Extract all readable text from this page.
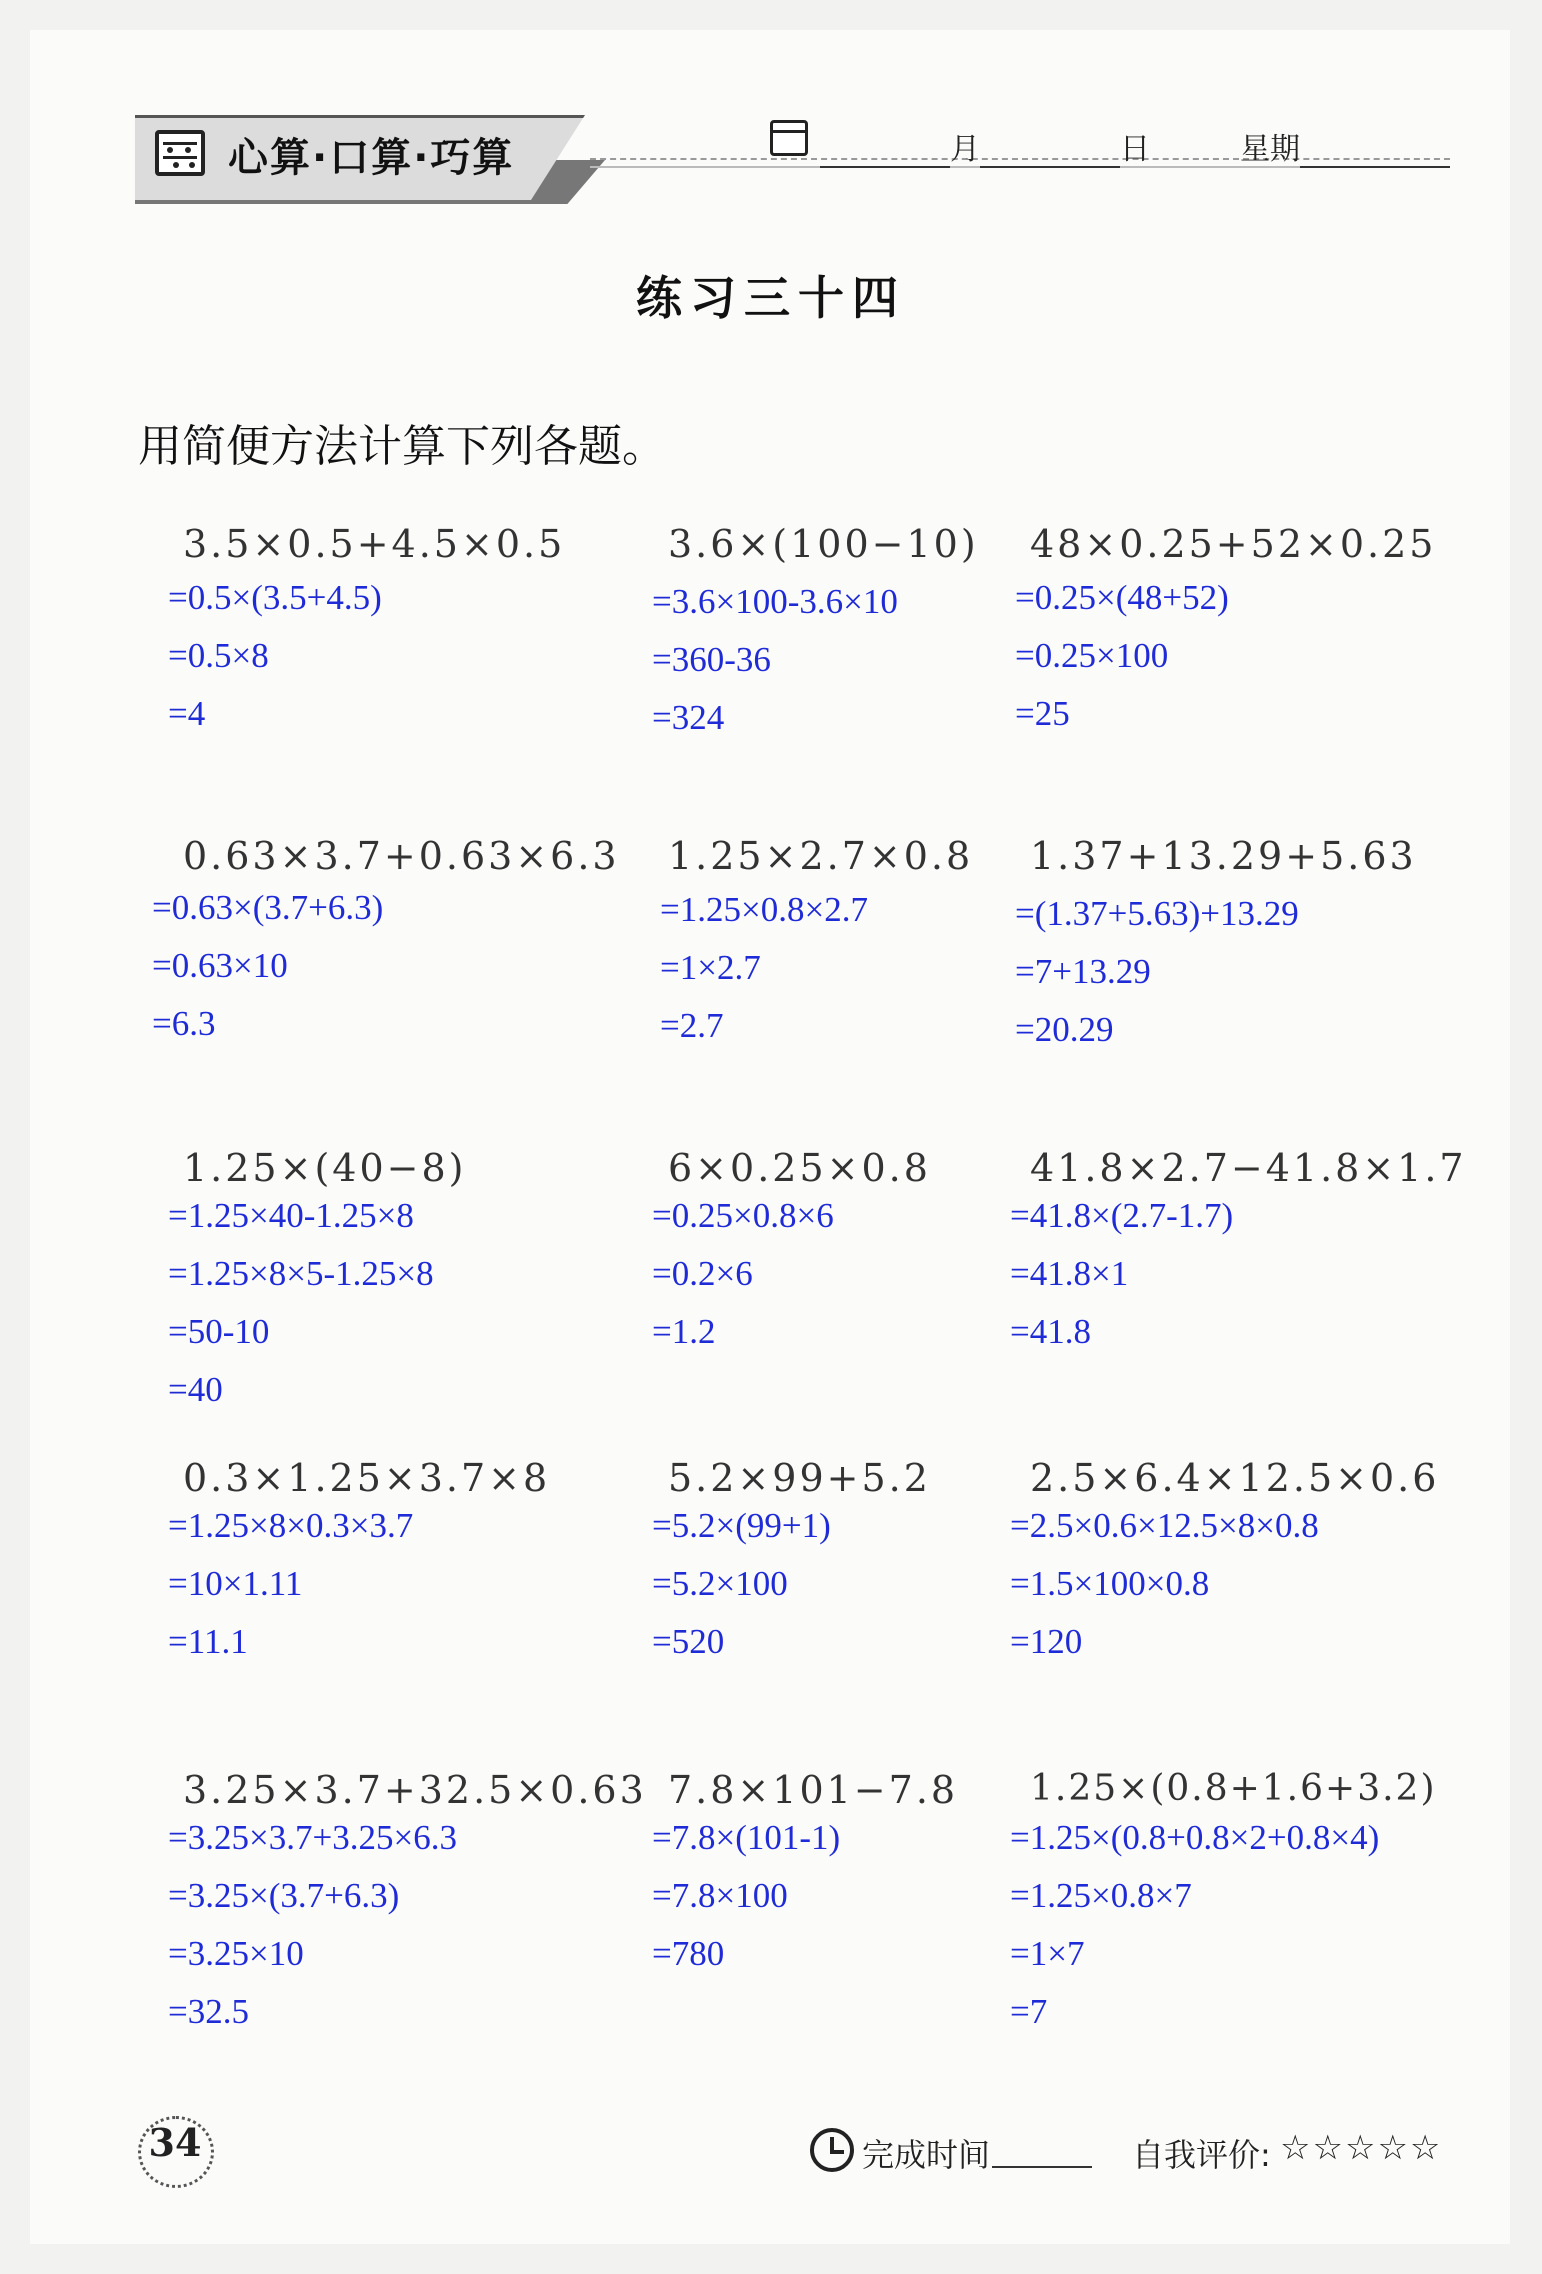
心算·口算·巧算	月	日	星期
练习三十四
用简便方法计算下列各题。
3.5×0.5+4.5×0.5
=0.5×(3.5+4.5)
=0.5×8
=4
3.6×(100−10)
=3.6×100-3.6×10
=360-36
=324
48×0.25+52×0.25
=0.25×(48+52)
=0.25×100
=25
0.63×3.7+0.63×6.3
=0.63×(3.7+6.3)
=0.63×10
=6.3
1.25×2.7×0.8
=1.25×0.8×2.7
=1×2.7
=2.7
1.37+13.29+5.63
=(1.37+5.63)+13.29
=7+13.29
=20.29
1.25×(40−8)
=1.25×40-1.25×8
=1.25×8×5-1.25×8
=50-10
=40
6×0.25×0.8
=0.25×0.8×6
=0.2×6
=1.2
41.8×2.7−41.8×1.7
=41.8×(2.7-1.7)
=41.8×1
=41.8
0.3×1.25×3.7×8
=1.25×8×0.3×3.7
=10×1.11
=11.1
5.2×99+5.2
=5.2×(99+1)
=5.2×100
=520
2.5×6.4×12.5×0.6
=2.5×0.6×12.5×8×0.8
=1.5×100×0.8
=120
3.25×3.7+32.5×0.63
=3.25×3.7+3.25×6.3
=3.25×(3.7+6.3)
=3.25×10
=32.5
7.8×101−7.8
=7.8×(101-1)
=7.8×100
=780
1.25×(0.8+1.6+3.2)
=1.25×(0.8+0.8×2+0.8×4)
=1.25×0.8×7
=1×7
=7
34	完成时间	自我评价: ☆☆☆☆☆
